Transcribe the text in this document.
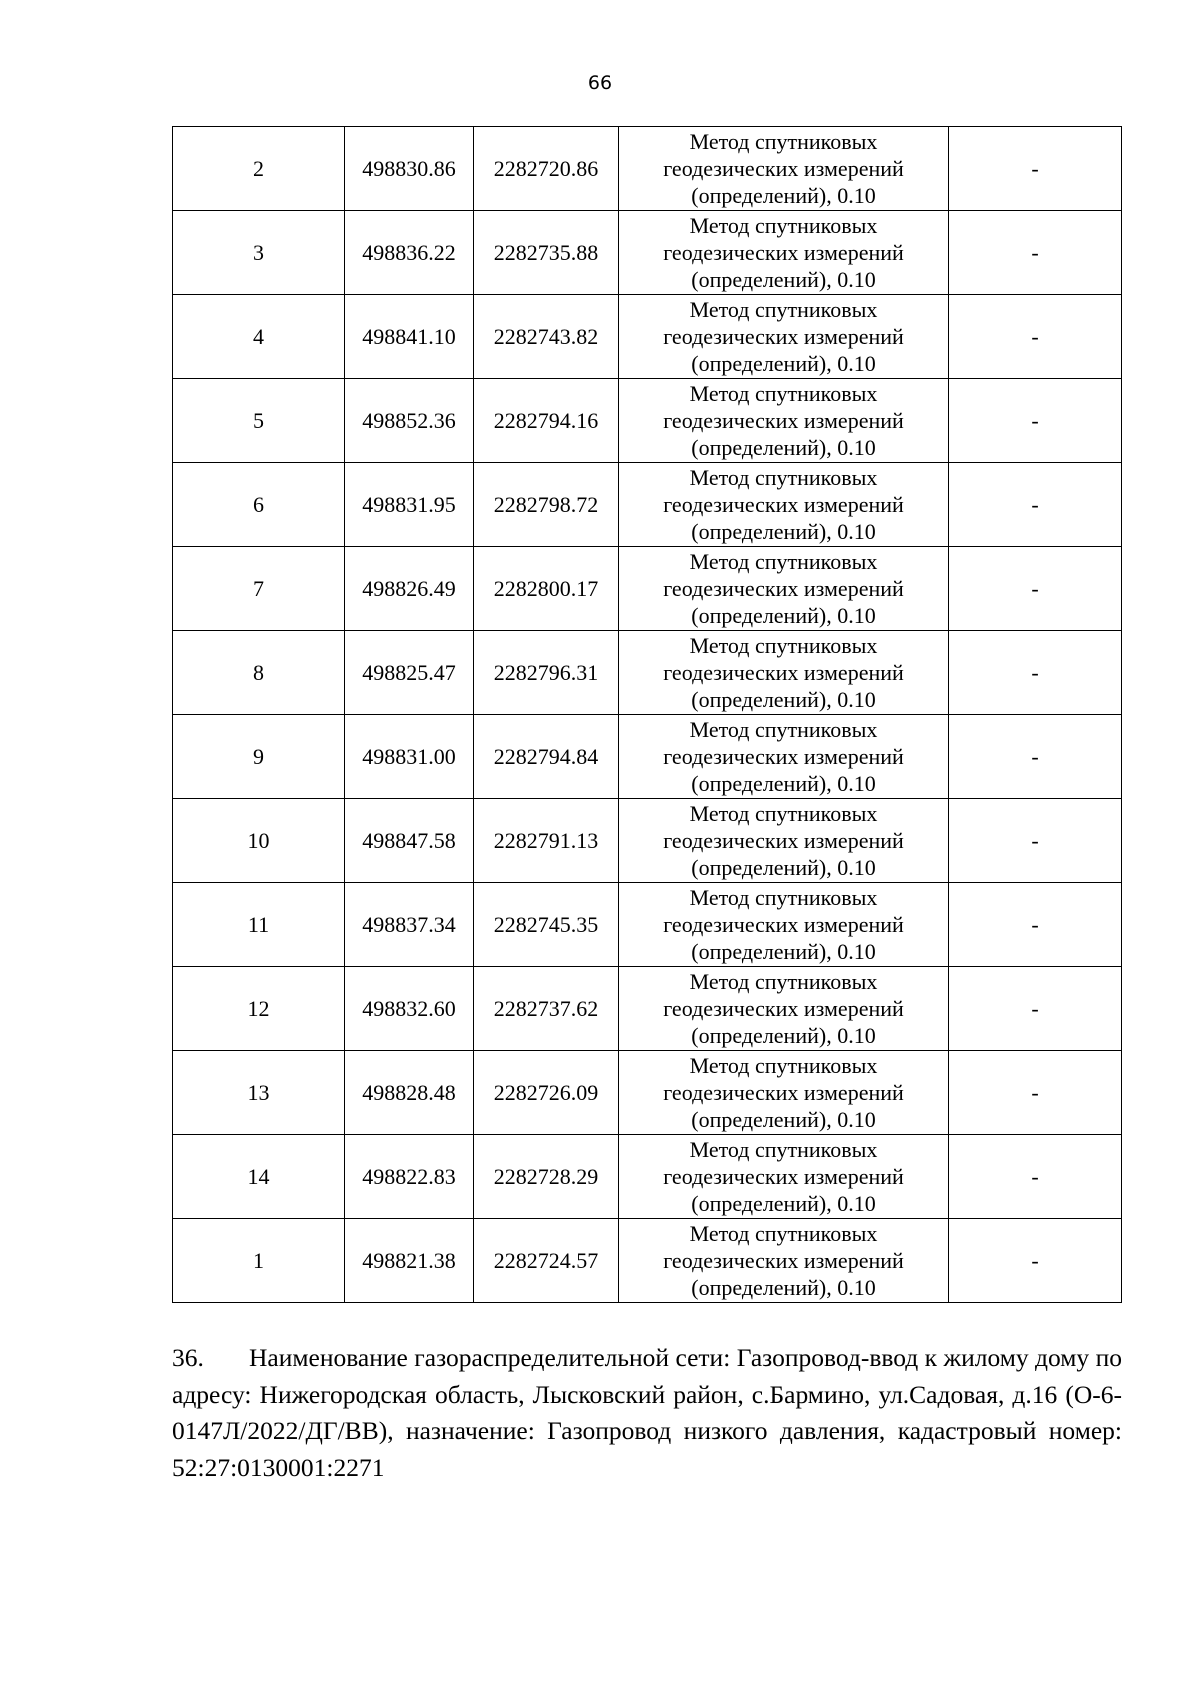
66
2	498830.86	2282720.86	Метод спутниковых
геодезических измерений
(определений), 0.10	-
3	498836.22	2282735.88	Метод спутниковых
геодезических измерений
(определений), 0.10	-
4	498841.10	2282743.82	Метод спутниковых
геодезических измерений
(определений), 0.10	-
5	498852.36	2282794.16	Метод спутниковых
геодезических измерений
(определений), 0.10	-
6	498831.95	2282798.72	Метод спутниковых
геодезических измерений
(определений), 0.10	-
7	498826.49	2282800.17	Метод спутниковых
геодезических измерений
(определений), 0.10	-
8	498825.47	2282796.31	Метод спутниковых
геодезических измерений
(определений), 0.10	-
9	498831.00	2282794.84	Метод спутниковых
геодезических измерений
(определений), 0.10	-
10	498847.58	2282791.13	Метод спутниковых
геодезических измерений
(определений), 0.10	-
11	498837.34	2282745.35	Метод спутниковых
геодезических измерений
(определений), 0.10	-
12	498832.60	2282737.62	Метод спутниковых
геодезических измерений
(определений), 0.10	-
13	498828.48	2282726.09	Метод спутниковых
геодезических измерений
(определений), 0.10	-
14	498822.83	2282728.29	Метод спутниковых
геодезических измерений
(определений), 0.10	-
1	498821.38	2282724.57	Метод спутниковых
геодезических измерений
(определений), 0.10	-
36. Наименование газораспределительной сети: Газопровод-ввод к жилому дому по адресу: Нижегородская область, Лысковский район, с.Бармино, ул.Садовая, д.16 (О-6-0147Л/2022/ДГ/ВВ), назначение: Газопровод низкого давления, кадастровый номер: 52:27:0130001:2271
